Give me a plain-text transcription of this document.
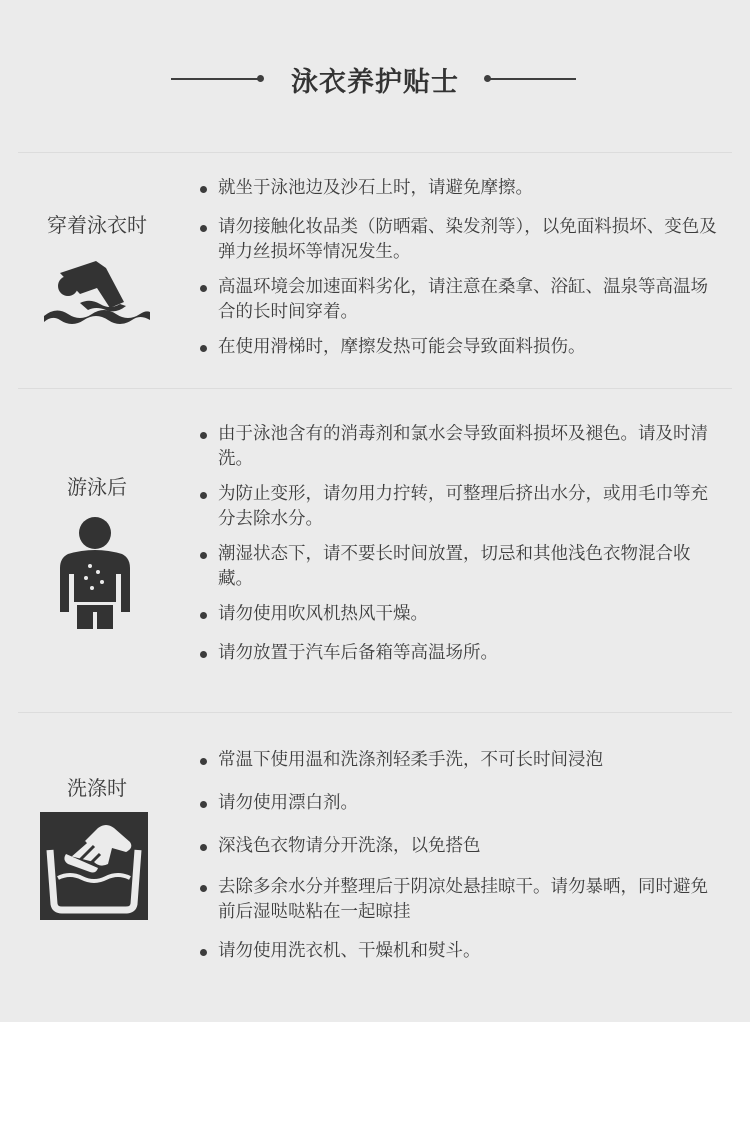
泳衣养护贴士
穿着泳衣时
就坐于泳池边及沙石上时，请避免摩擦。
请勿接触化妆品类（防晒霜、染发剂等），以免面料损坏、变色及弹力丝损坏等情况发生。
高温环境会加速面料劣化，请注意在桑拿、浴缸、温泉等高温场合的长时间穿着。
在使用滑梯时，摩擦发热可能会导致面料损伤。
游泳后
由于泳池含有的消毒剂和氯水会导致面料损坏及褪色。请及时清洗。
为防止变形，请勿用力拧转，可整理后挤出水分，或用毛巾等充分去除水分。
潮湿状态下，请不要长时间放置，切忌和其他浅色衣物混合收藏。
请勿使用吹风机热风干燥。
请勿放置于汽车后备箱等高温场所。
洗涤时
常温下使用温和洗涤剂轻柔手洗，不可长时间浸泡
请勿使用漂白剂。
深浅色衣物请分开洗涤，以免搭色
去除多余水分并整理后于阴凉处悬挂晾干。请勿暴晒，同时避免前后湿哒哒粘在一起晾挂
请勿使用洗衣机、干燥机和熨斗。
